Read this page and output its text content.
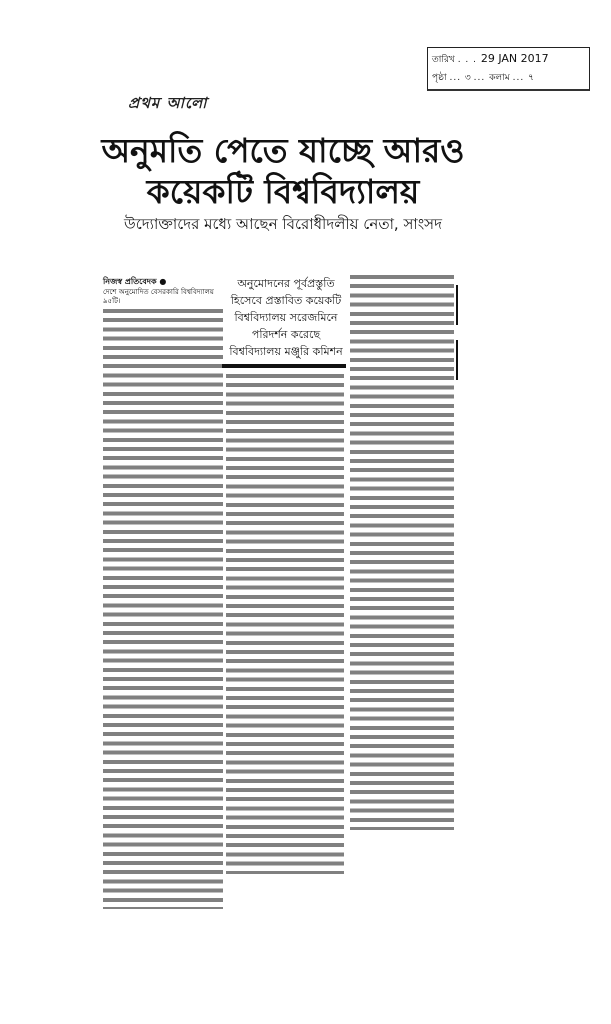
প্রথম আলো
তারিখ . . . 29 JAN 2017
পৃষ্ঠা ... ৩ ... কলাম ... ৭
অনুমতি পেতে যাচ্ছে আরও
কয়েকটি বিশ্ববিদ্যালয়
উদ্যোক্তাদের মধ্যে আছেন বিরোধীদলীয় নেতা, সাংসদ
নিজস্ব প্রতিবেদক ●
দেশে অনুমোদিত বেসরকারি বিশ্ববিদ্যালয় ৯৫টি।
অনুমোদনের পূর্বপ্রস্তুতি হিসেবে প্রস্তাবিত কয়েকটি বিশ্ববিদ্যালয় সরেজমিনে পরিদর্শন করেছে বিশ্ববিদ্যালয় মঞ্জুরি কমিশন
